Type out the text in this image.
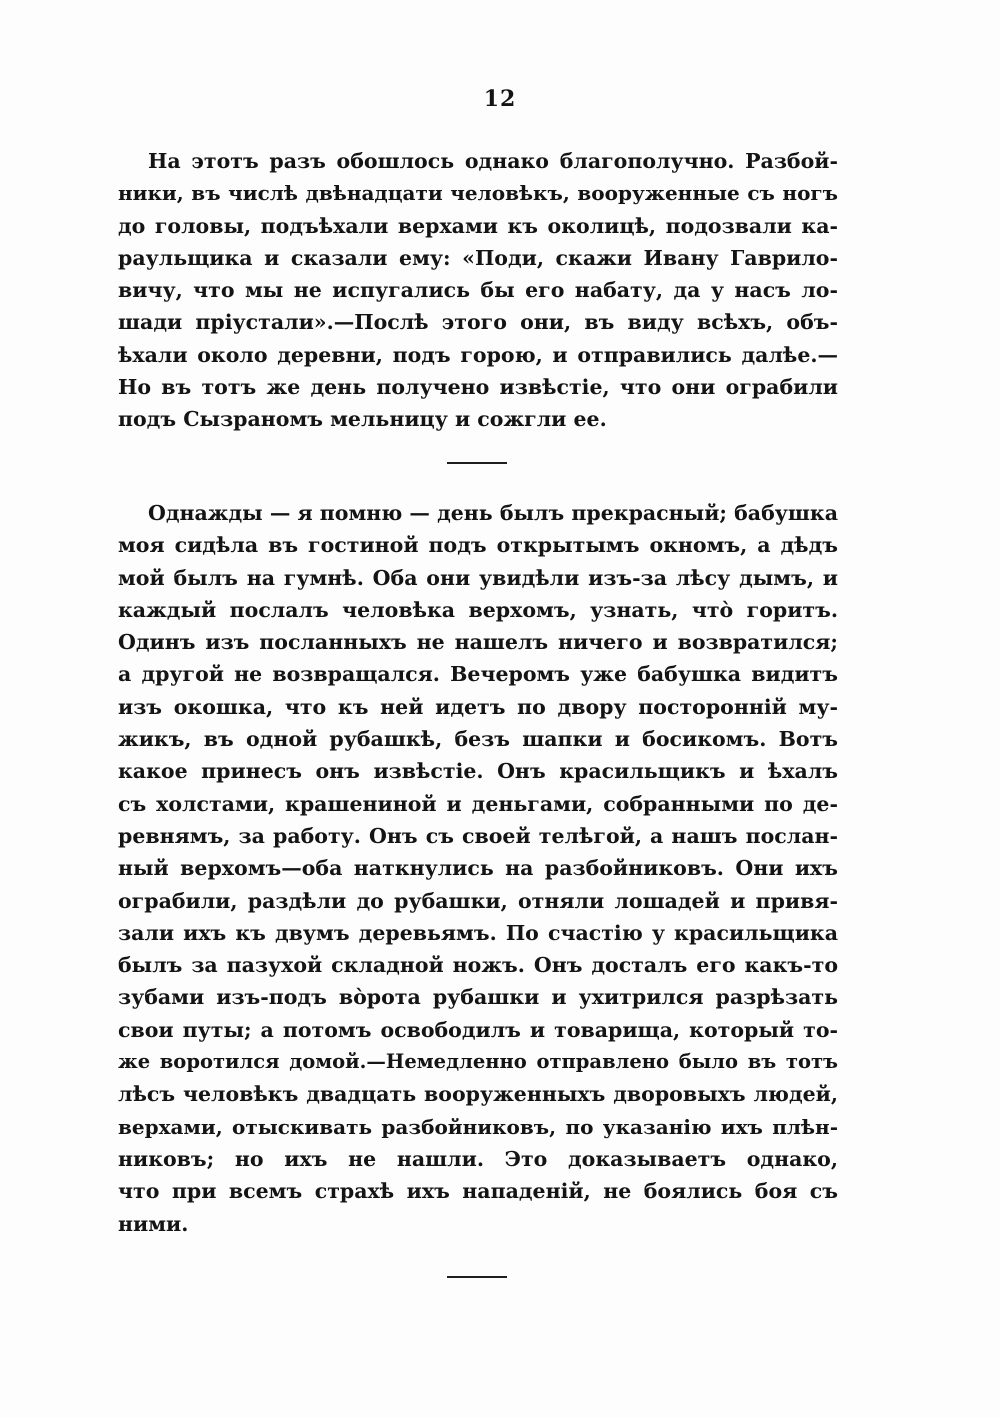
12
На этотъ разъ обошлось однако благополучно. Разбой-
ники, въ числѣ двѣнадцати человѣкъ, вооруженные съ ногъ
до головы, подъѣхали верхами къ околицѣ, подозвали ка-
раульщика и сказали ему: «Поди, скажи Ивану Гаврило-
вичу, что мы не испугались бы его набату, да у насъ ло-
шади пріустали».—Послѣ этого они, въ виду всѣхъ, объ-
ѣхали около деревни, подъ горою, и отправились далѣе.—
Но въ тотъ же день получено извѣстіе, что они ограбили
подъ Сызраномъ мельницу и сожгли ее.
Однажды — я помню — день былъ прекрасный; бабушка
моя сидѣла въ гостиной подъ открытымъ окномъ, а дѣдъ
мой былъ на гумнѣ. Оба они увидѣли изъ-за лѣсу дымъ, и
каждый послалъ человѣка верхомъ, узнать, что̀ горитъ.
Одинъ изъ посланныхъ не нашелъ ничего и возвратился;
а другой не возвращался. Вечеромъ уже бабушка видитъ
изъ окошка, что къ ней идетъ по двору посторонній му-
жикъ, въ одной рубашкѣ, безъ шапки и босикомъ. Вотъ
какое принесъ онъ извѣстіе. Онъ красильщикъ и ѣхалъ
съ холстами, крашениной и деньгами, собранными по де-
ревнямъ, за работу. Онъ съ своей телѣгой, а нашъ послан-
ный верхомъ—оба наткнулись на разбойниковъ. Они ихъ
ограбили, раздѣли до рубашки, отняли лошадей и привя-
зали ихъ къ двумъ деревьямъ. По счастію у красильщика
былъ за пазухой складной ножъ. Онъ досталъ его какъ-то
зубами изъ-подъ во̀рота рубашки и ухитрился разрѣзать
свои путы; а потомъ освободилъ и товарища, который то-
же воротился домой.—Немедленно отправлено было въ тотъ
лѣсъ человѣкъ двадцать вооруженныхъ дворовыхъ людей,
верхами, отыскивать разбойниковъ, по указанію ихъ плѣн-
никовъ; но ихъ не нашли. Это доказываетъ однако,
что при всемъ страхѣ ихъ нападеній, не боялись боя съ
ними.
